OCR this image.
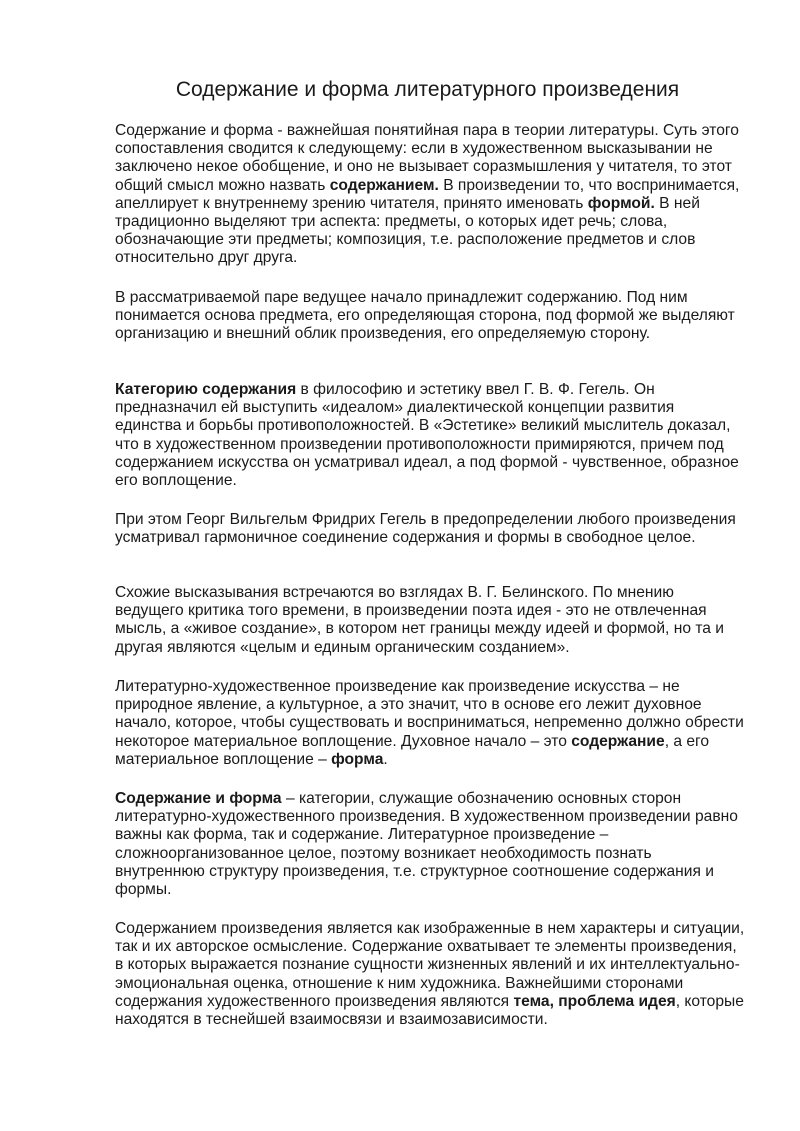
Содержание и форма литературного произведения

Содержание и форма - важнейшая понятийная пара в теории литературы. Суть этого сопоставления сводится к следующему: если в художественном высказывании не заключено некое обобщение, и оно не вызывает соразмышления у читателя, то этот общий смысл можно назвать содержанием. В произведении то, что воспринимается, апеллирует к внутреннему зрению читателя, принято именовать формой. В ней традиционно выделяют три аспекта: предметы, о которых идет речь; слова, обозначающие эти предметы; композиция, т.е. расположение предметов и слов относительно друг друга.

В рассматриваемой паре ведущее начало принадлежит содержанию. Под ним понимается основа предмета, его определяющая сторона, под формой же выделяют организацию и внешний облик произведения, его определяемую сторону.

Категорию содержания в философию и эстетику ввел Г. В. Ф. Гегель. Он предназначил ей выступить «идеалом» диалектической концепции развития единства и борьбы противоположностей. В «Эстетике» великий мыслитель доказал, что в художественном произведении противоположности примиряются, причем под содержанием искусства он усматривал идеал, а под формой - чувственное, образное его воплощение.

При этом Георг Вильгельм Фридрих Гегель в предопределении любого произведения усматривал гармоничное соединение содержания и формы в свободное целое.

Схожие высказывания встречаются во взглядах В. Г. Белинского. По мнению ведущего критика того времени, в произведении поэта идея - это не отвлеченная мысль, а «живое создание», в котором нет границы между идеей и формой, но та и другая являются «целым и единым органическим созданием».

Литературно-художественное произведение как произведение искусства – не природное явление, а культурное, а это значит, что в основе его лежит духовное начало, которое, чтобы существовать и восприниматься, непременно должно обрести некоторое материальное воплощение. Духовное начало – это содержание, а его материальное воплощение – форма.

Содержание и форма – категории, служащие обозначению основных сторон литературно-художественного произведения. В художественном произведении равно важны как форма, так и содержание. Литературное произведение – сложноорганизованное целое, поэтому возникает необходимость познать внутреннюю структуру произведения, т.е. структурное соотношение содержания и формы.

Содержанием произведения является как изображенные в нем характеры и ситуации, так и их авторское осмысление. Содержание охватывает те элементы произведения, в которых выражается познание сущности жизненных явлений и их интеллектуально-эмоциональная оценка, отношение к ним художника. Важнейшими сторонами содержания художественного произведения являются тема, проблема идея, которые находятся в теснейшей взаимосвязи и взаимозависимости.
